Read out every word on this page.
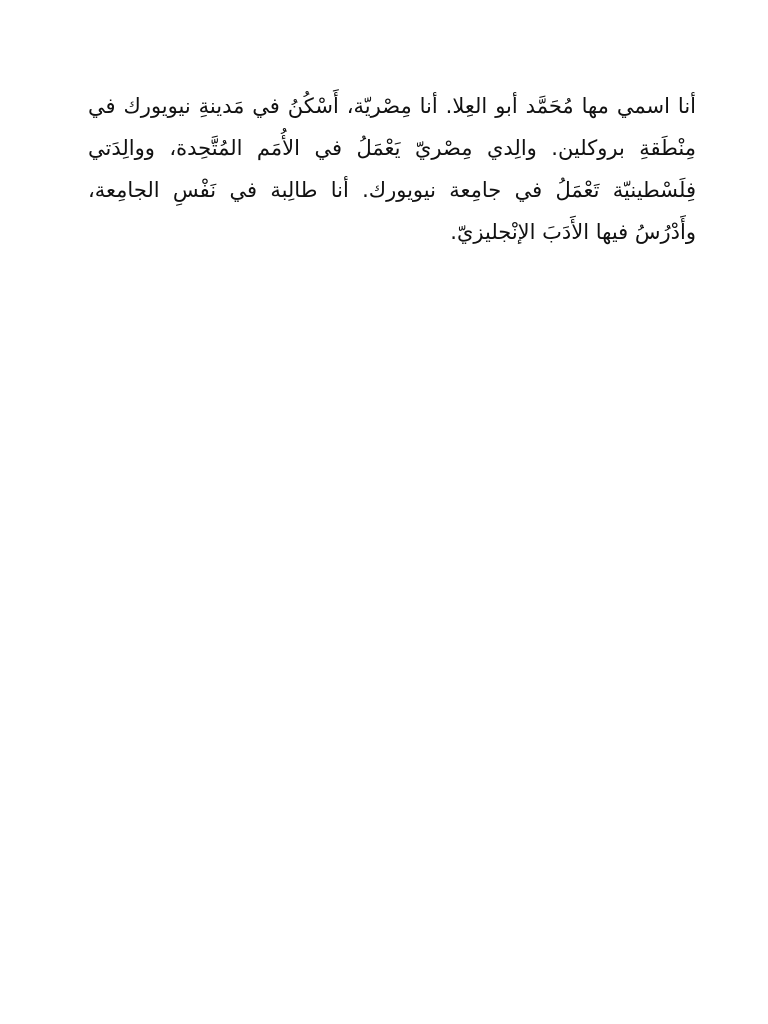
أنا اسمي مها مُحَمَّد أبو العِلا. أنا مِصْريّة، أَسْكُنُ في مَدينةِ نيويورك في مِنْطَقةِ بروكلين. والِدي مِصْريّ يَعْمَلُ في الأُمَم المُتَّحِدة، ووالِدَتي فِلَسْطينيّة تَعْمَلُ في جامِعة نيويورك. أنا طالِبة في نَفْسِ الجامِعة، وأَدْرُسُ فيها الأَدَبَ الإنْجليزيّ.
